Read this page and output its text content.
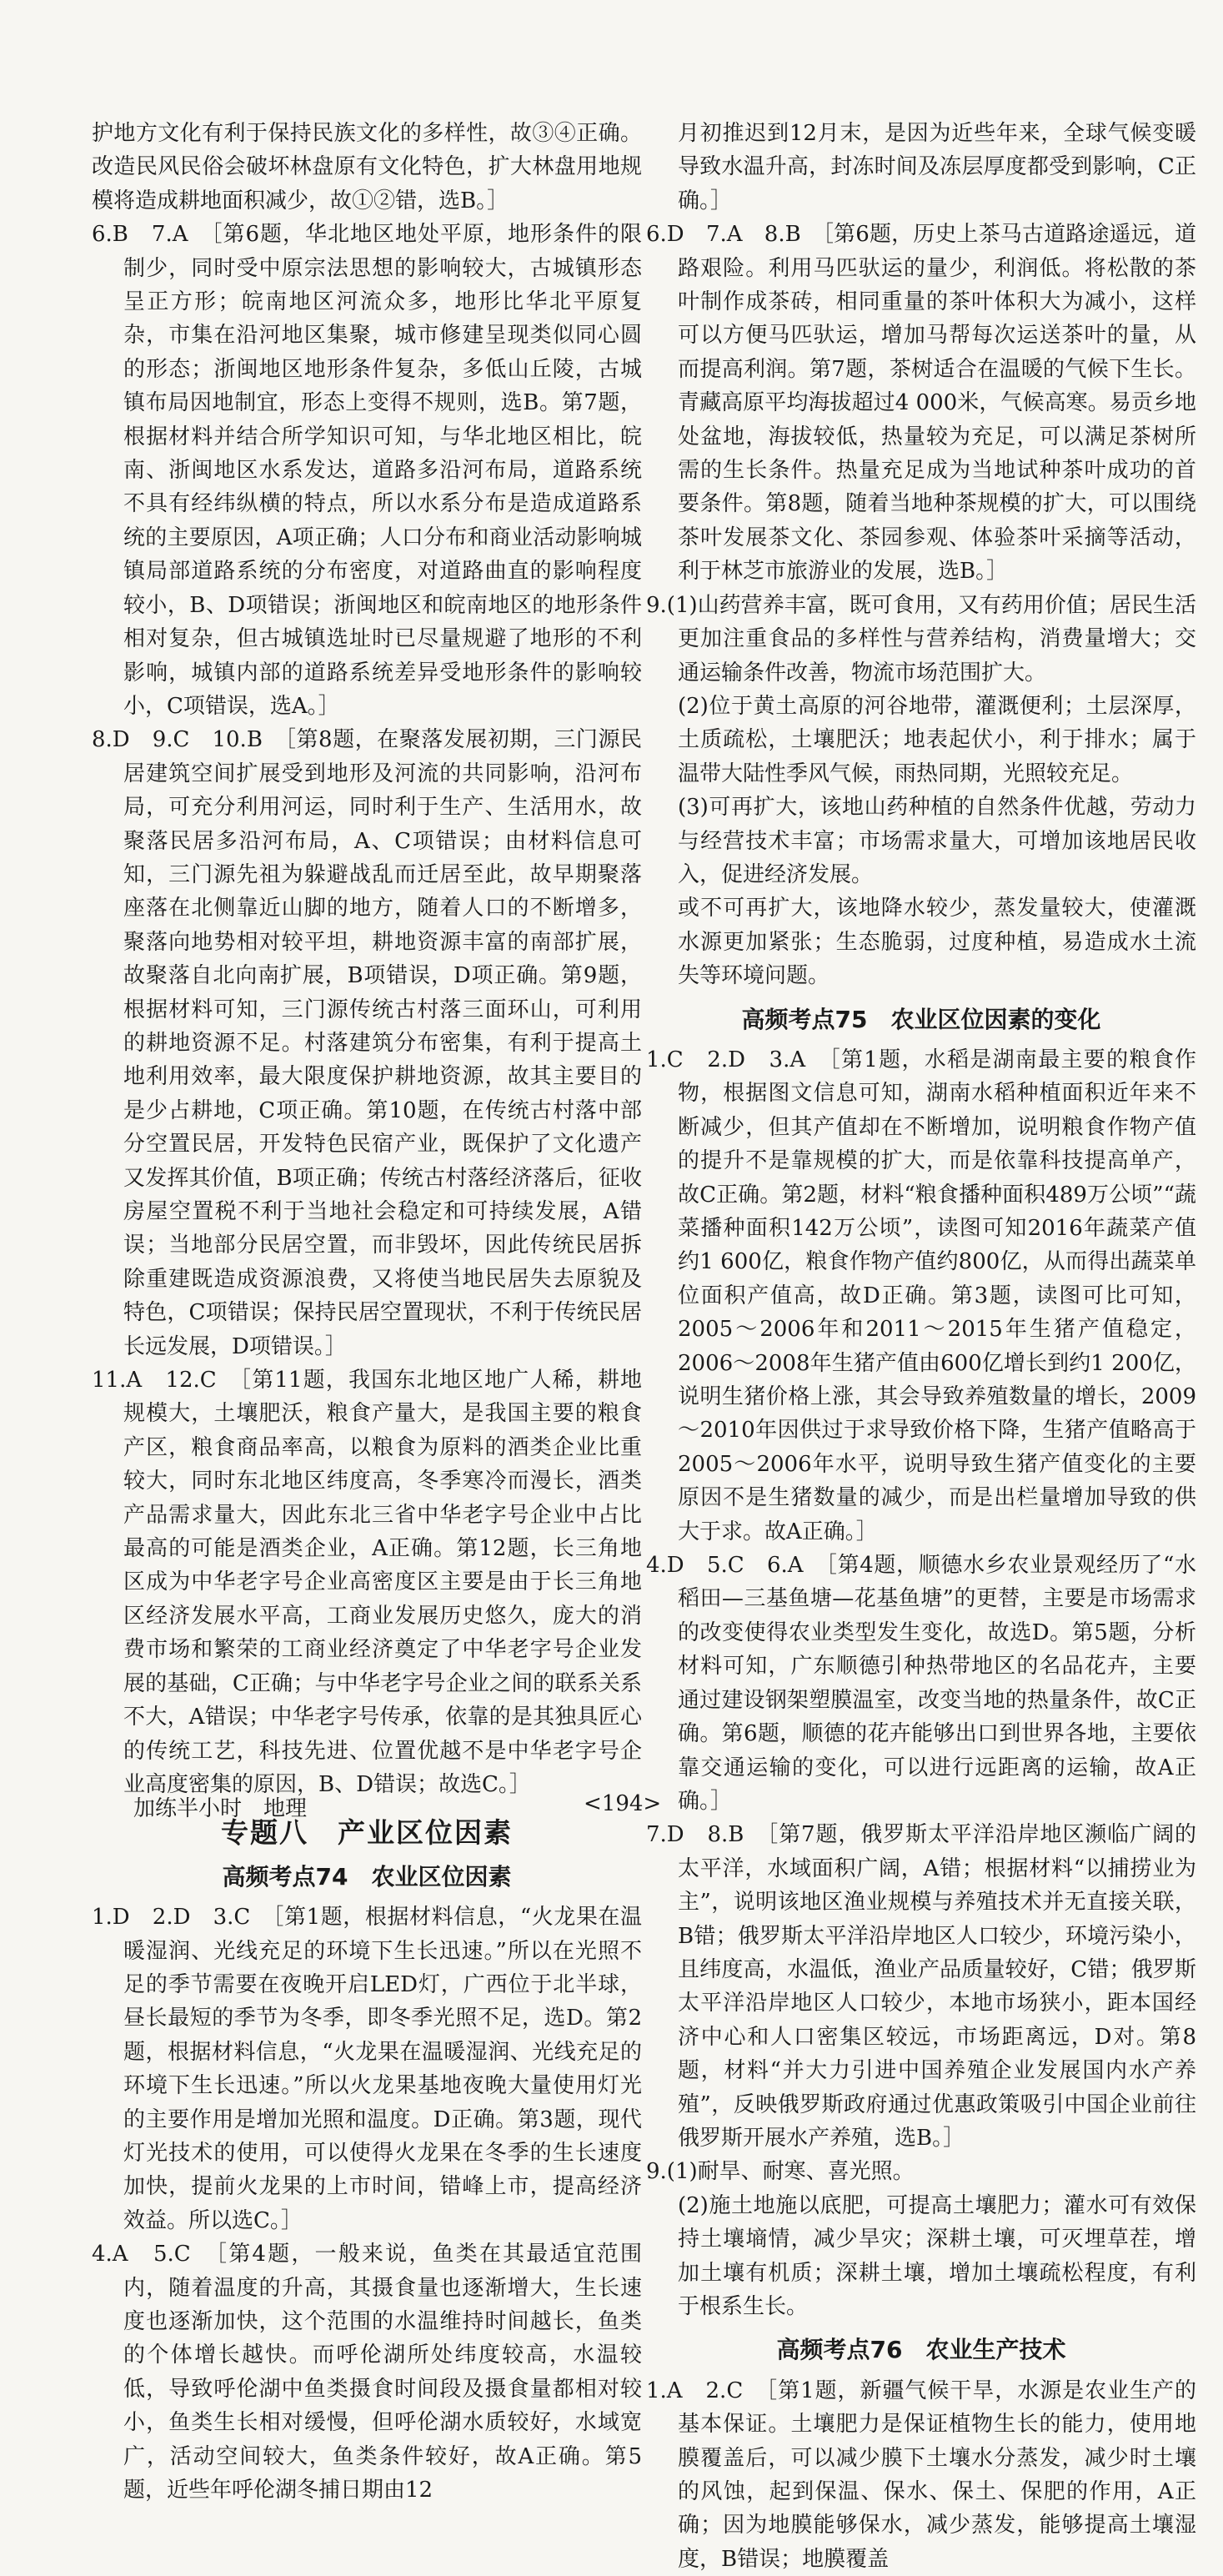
护地方文化有利于保持民族文化的多样性，故③④正确。改造民风民俗会破坏林盘原有文化特色，扩大林盘用地规模将造成耕地面积减少，故①②错，选B。］

6.B　7.A　［第6题，华北地区地处平原，地形条件的限制少，同时受中原宗法思想的影响较大，古城镇形态呈正方形；皖南地区河流众多，地形比华北平原复杂，市集在沿河地区集聚，城市修建呈现类似同心圆的形态；浙闽地区地形条件复杂，多低山丘陵，古城镇布局因地制宜，形态上变得不规则，选B。第7题，根据材料并结合所学知识可知，与华北地区相比，皖南、浙闽地区水系发达，道路多沿河布局，道路系统不具有经纬纵横的特点，所以水系分布是造成道路系统的主要原因，A项正确；人口分布和商业活动影响城镇局部道路系统的分布密度，对道路曲直的影响程度较小，B、D项错误；浙闽地区和皖南地区的地形条件相对复杂，但古城镇选址时已尽量规避了地形的不利影响，城镇内部的道路系统差异受地形条件的影响较小，C项错误，选A。］

8.D　9.C　10.B　［第8题，在聚落发展初期，三门源民居建筑空间扩展受到地形及河流的共同影响，沿河布局，可充分利用河运，同时利于生产、生活用水，故聚落民居多沿河布局，A、C项错误；由材料信息可知，三门源先祖为躲避战乱而迁居至此，故早期聚落座落在北侧靠近山脚的地方，随着人口的不断增多，聚落向地势相对较平坦，耕地资源丰富的南部扩展，故聚落自北向南扩展，B项错误，D项正确。第9题，根据材料可知，三门源传统古村落三面环山，可利用的耕地资源不足。村落建筑分布密集，有利于提高土地利用效率，最大限度保护耕地资源，故其主要目的是少占耕地，C项正确。第10题，在传统古村落中部分空置民居，开发特色民宿产业，既保护了文化遗产又发挥其价值，B项正确；传统古村落经济落后，征收房屋空置税不利于当地社会稳定和可持续发展，A错误；当地部分民居空置，而非毁坏，因此传统民居拆除重建既造成资源浪费，又将使当地民居失去原貌及特色，C项错误；保持民居空置现状，不利于传统民居长远发展，D项错误。］

11.A　12.C　［第11题，我国东北地区地广人稀，耕地规模大，土壤肥沃，粮食产量大，是我国主要的粮食产区，粮食商品率高，以粮食为原料的酒类企业比重较大，同时东北地区纬度高，冬季寒冷而漫长，酒类产品需求量大，因此东北三省中华老字号企业中占比最高的可能是酒类企业，A正确。第12题，长三角地区成为中华老字号企业高密度区主要是由于长三角地区经济发展水平高，工商业发展历史悠久，庞大的消费市场和繁荣的工商业经济奠定了中华老字号企业发展的基础，C正确；与中华老字号企业之间的联系关系不大，A错误；中华老字号传承，依靠的是其独具匠心的传统工艺，科技先进、位置优越不是中华老字号企业高度密集的原因，B、D错误；故选C。］

专题八　产业区位因素
高频考点74　农业区位因素

1.D　2.D　3.C　［第1题，根据材料信息，“火龙果在温暖湿润、光线充足的环境下生长迅速。”所以在光照不足的季节需要在夜晚开启LED灯，广西位于北半球，昼长最短的季节为冬季，即冬季光照不足，选D。第2题，根据材料信息，“火龙果在温暖湿润、光线充足的环境下生长迅速。”所以火龙果基地夜晚大量使用灯光的主要作用是增加光照和温度。D正确。第3题，现代灯光技术的使用，可以使得火龙果在冬季的生长速度加快，提前火龙果的上市时间，错峰上市，提高经济效益。所以选C。］

4.A　5.C　［第4题，一般来说，鱼类在其最适宜范围内，随着温度的升高，其摄食量也逐渐增大，生长速度也逐渐加快，这个范围的水温维持时间越长，鱼类的个体增长越快。而呼伦湖所处纬度较高，水温较低，导致呼伦湖中鱼类摄食时间段及摄食量都相对较小，鱼类生长相对缓慢，但呼伦湖水质较好，水域宽广，活动空间较大，鱼类条件较好，故A正确。第5题，近些年呼伦湖冬捕日期由12

月初推迟到12月末，是因为近些年来，全球气候变暖导致水温升高，封冻时间及冻层厚度都受到影响，C正确。］

6.D　7.A　8.B　［第6题，历史上茶马古道路途遥远，道路艰险。利用马匹驮运的量少，利润低。将松散的茶叶制作成茶砖，相同重量的茶叶体积大为减小，这样可以方便马匹驮运，增加马帮每次运送茶叶的量，从而提高利润。第7题，茶树适合在温暖的气候下生长。青藏高原平均海拔超过4 000米，气候高寒。易贡乡地处盆地，海拔较低，热量较为充足，可以满足茶树所需的生长条件。热量充足成为当地试种茶叶成功的首要条件。第8题，随着当地种茶规模的扩大，可以围绕茶叶发展茶文化、茶园参观、体验茶叶采摘等活动，利于林芝市旅游业的发展，选B。］

9.(1)山药营养丰富，既可食用，又有药用价值；居民生活更加注重食品的多样性与营养结构，消费量增大；交通运输条件改善，物流市场范围扩大。

(2)位于黄土高原的河谷地带，灌溉便利；土层深厚，土质疏松，土壤肥沃；地表起伏小，利于排水；属于温带大陆性季风气候，雨热同期，光照较充足。

(3)可再扩大，该地山药种植的自然条件优越，劳动力与经营技术丰富；市场需求量大，可增加该地居民收入，促进经济发展。

或不可再扩大，该地降水较少，蒸发量较大，使灌溉水源更加紧张；生态脆弱，过度种植，易造成水土流失等环境问题。

高频考点75　农业区位因素的变化

1.C　2.D　3.A　［第1题，水稻是湖南最主要的粮食作物，根据图文信息可知，湖南水稻种植面积近年来不断减少，但其产值却在不断增加，说明粮食作物产值的提升不是靠规模的扩大，而是依靠科技提高单产，故C正确。第2题，材料“粮食播种面积489万公顷”“蔬菜播种面积142万公顷”，读图可知2016年蔬菜产值约1 600亿，粮食作物产值约800亿，从而得出蔬菜单位面积产值高，故D正确。第3题，读图可比可知，2005～2006年和2011～2015年生猪产值稳定，2006～2008年生猪产值由600亿增长到约1 200亿，说明生猪价格上涨，其会导致养殖数量的增长，2009～2010年因供过于求导致价格下降，生猪产值略高于2005～2006年水平，说明导致生猪产值变化的主要原因不是生猪数量的减少，而是出栏量增加导致的供大于求。故A正确。］

4.D　5.C　6.A　［第4题，顺德水乡农业景观经历了“水稻田—三基鱼塘—花基鱼塘”的更替，主要是市场需求的改变使得农业类型发生变化，故选D。第5题，分析材料可知，广东顺德引种热带地区的名品花卉，主要通过建设钢架塑膜温室，改变当地的热量条件，故C正确。第6题，顺德的花卉能够出口到世界各地，主要依靠交通运输的变化，可以进行远距离的运输，故A正确。］

7.D　8.B　［第7题，俄罗斯太平洋沿岸地区濒临广阔的太平洋，水域面积广阔，A错；根据材料“以捕捞业为主”，说明该地区渔业规模与养殖技术并无直接关联，B错；俄罗斯太平洋沿岸地区人口较少，环境污染小，且纬度高，水温低，渔业产品质量较好，C错；俄罗斯太平洋沿岸地区人口较少，本地市场狭小，距本国经济中心和人口密集区较远，市场距离远，D对。第8题，材料“并大力引进中国养殖企业发展国内水产养殖”，反映俄罗斯政府通过优惠政策吸引中国企业前往俄罗斯开展水产养殖，选B。］

9.(1)耐旱、耐寒、喜光照。

(2)施土地施以底肥，可提高土壤肥力；灌水可有效保持土壤墒情，减少旱灾；深耕土壤，可灭埋草茬，增加土壤有机质；深耕土壤，增加土壤疏松程度，有利于根系生长。

高频考点76　农业生产技术

1.A　2.C　［第1题，新疆气候干旱，水源是农业生产的基本保证。土壤肥力是保证植物生长的能力，使用地膜覆盖后，可以减少膜下土壤水分蒸发，减少时土壤的风蚀，起到保温、保水、保土、保肥的作用，A正确；因为地膜能够保水，减少蒸发，能够提高土壤湿度，B错误；地膜覆盖

加练半小时　地理	<194>
